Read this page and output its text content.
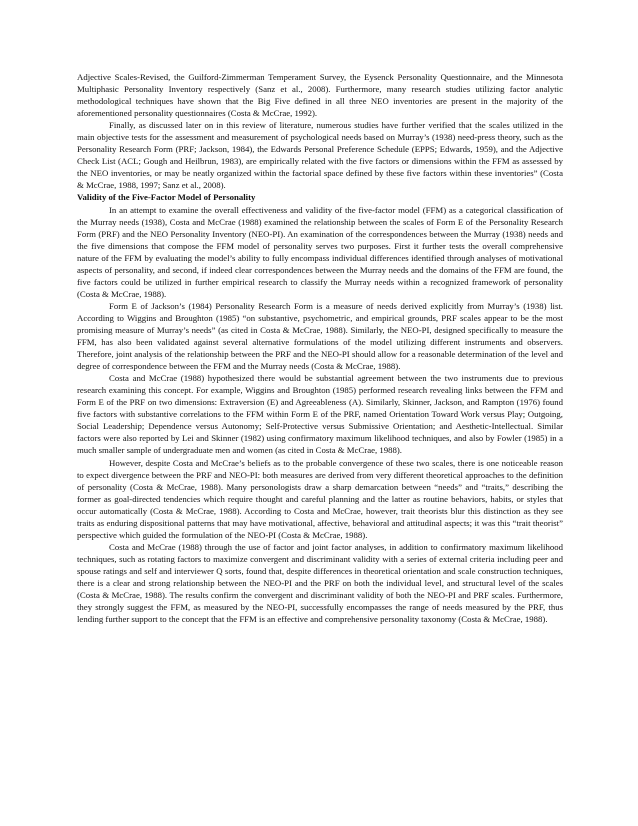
Adjective Scales-Revised, the Guilford-Zimmerman Temperament Survey, the Eysenck Personality Questionnaire, and the Minnesota Multiphasic Personality Inventory respectively (Sanz et al., 2008). Furthermore, many research studies utilizing factor analytic methodological techniques have shown that the Big Five defined in all three NEO inventories are present in the majority of the aforementioned personality questionnaires (Costa & McCrae, 1992).

Finally, as discussed later on in this review of literature, numerous studies have further verified that the scales utilized in the main objective tests for the assessment and measurement of psychological needs based on Murray’s (1938) need-press theory, such as the Personality Research Form (PRF; Jackson, 1984), the Edwards Personal Preference Schedule (EPPS; Edwards, 1959), and the Adjective Check List (ACL; Gough and Heilbrun, 1983), are empirically related with the five factors or dimensions within the FFM as assessed by the NEO inventories, or may be neatly organized within the factorial space defined by these five factors within these inventories” (Costa & McCrae, 1988, 1997; Sanz et al., 2008).

Validity of the Five-Factor Model of Personality

In an attempt to examine the overall effectiveness and validity of the five-factor model (FFM) as a categorical classification of the Murray needs (1938), Costa and McCrae (1988) examined the relationship between the scales of Form E of the Personality Research Form (PRF) and the NEO Personality Inventory (NEO-PI). An examination of the correspondences between the Murray (1938) needs and the five dimensions that compose the FFM model of personality serves two purposes. First it further tests the overall comprehensive nature of the FFM by evaluating the model’s ability to fully encompass individual differences identified through analyses of motivational aspects of personality, and second, if indeed clear correspondences between the Murray needs and the domains of the FFM are found, the five factors could be utilized in further empirical research to classify the Murray needs within a recognized framework of personality (Costa & McCrae, 1988).

Form E of Jackson’s (1984) Personality Research Form is a measure of needs derived explicitly from Murray’s (1938) list. According to Wiggins and Broughton (1985) “on substantive, psychometric, and empirical grounds, PRF scales appear to be the most promising measure of Murray’s needs” (as cited in Costa & McCrae, 1988). Similarly, the NEO-PI, designed specifically to measure the FFM, has also been validated against several alternative formulations of the model utilizing different instruments and observers. Therefore, joint analysis of the relationship between the PRF and the NEO-PI should allow for a reasonable determination of the level and degree of correspondence between the FFM and the Murray needs (Costa & McCrae, 1988).

Costa and McCrae (1988) hypothesized there would be substantial agreement between the two instruments due to previous research examining this concept. For example, Wiggins and Broughton (1985) performed research revealing links between the FFM and Form E of the PRF on two dimensions: Extraversion (E) and Agreeableness (A). Similarly, Skinner, Jackson, and Rampton (1976) found five factors with substantive correlations to the FFM within Form E of the PRF, named Orientation Toward Work versus Play; Outgoing, Social Leadership; Dependence versus Autonomy; Self-Protective versus Submissive Orientation; and Aesthetic-Intellectual. Similar factors were also reported by Lei and Skinner (1982) using confirmatory maximum likelihood techniques, and also by Fowler (1985) in a much smaller sample of undergraduate men and women (as cited in Costa & McCrae, 1988).

However, despite Costa and McCrae’s beliefs as to the probable convergence of these two scales, there is one noticeable reason to expect divergence between the PRF and NEO-PI: both measures are derived from very different theoretical approaches to the definition of personality (Costa & McCrae, 1988). Many personologists draw a sharp demarcation between “needs” and “traits,” describing the former as goal-directed tendencies which require thought and careful planning and the latter as routine behaviors, habits, or styles that occur automatically (Costa & McCrae, 1988). According to Costa and McCrae, however, trait theorists blur this distinction as they see traits as enduring dispositional patterns that may have motivational, affective, behavioral and attitudinal aspects; it was this “trait theorist” perspective which guided the formulation of the NEO-PI (Costa & McCrae, 1988).

Costa and McCrae (1988) through the use of factor and joint factor analyses, in addition to confirmatory maximum likelihood techniques, such as rotating factors to maximize convergent and discriminant validity with a series of external criteria including peer and spouse ratings and self and interviewer Q sorts, found that, despite differences in theoretical orientation and scale construction techniques, there is a clear and strong relationship between the NEO-PI and the PRF on both the individual level, and structural level of the scales (Costa & McCrae, 1988). The results confirm the convergent and discriminant validity of both the NEO-PI and PRF scales. Furthermore, they strongly suggest the FFM, as measured by the NEO-PI, successfully encompasses the range of needs measured by the PRF, thus lending further support to the concept that the FFM is an effective and comprehensive personality taxonomy (Costa & McCrae, 1988).
